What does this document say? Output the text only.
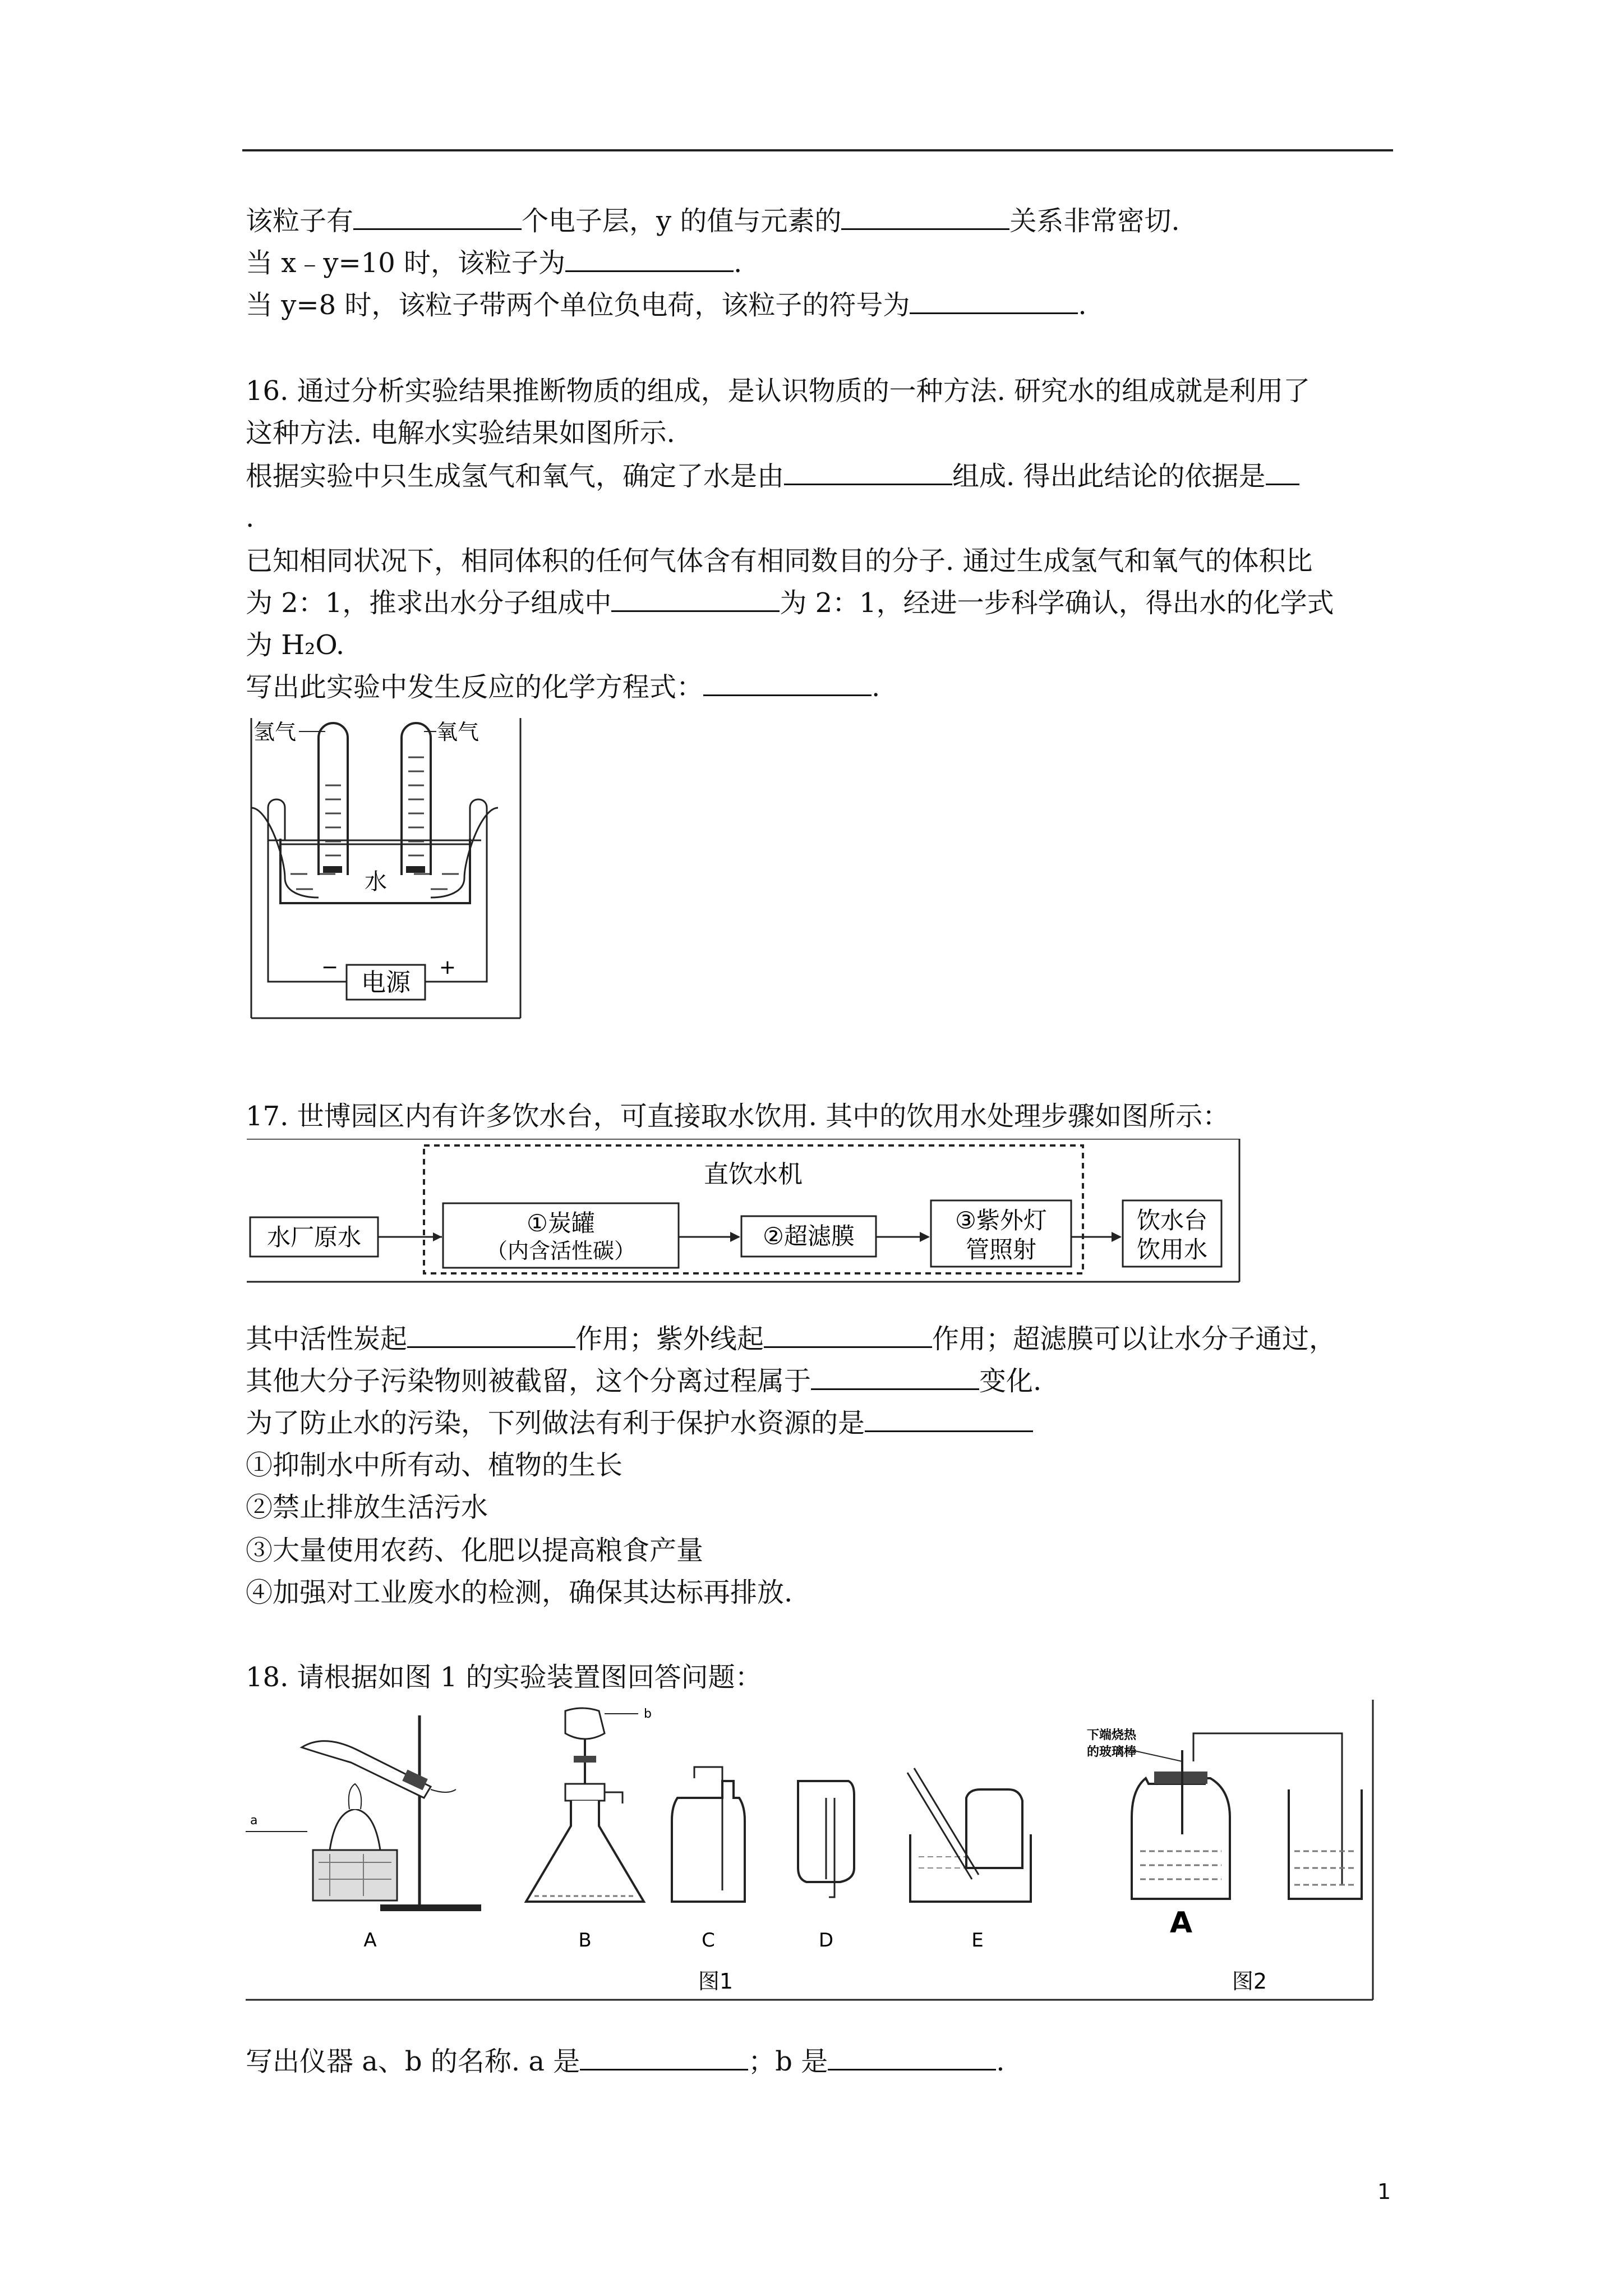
该粒子有	个电子层，y 的值与元素的	关系非常密切.
当 x﹣y=10 时，该粒子为	.
当 y=8 时，该粒子带两个单位负电荷，该粒子的符号为	.
16. 通过分析实验结果推断物质的组成，是认识物质的一种方法. 研究水的组成就是利用了
这种方法. 电解水实验结果如图所示.
根据实验中只生成氢气和氧气，确定了水是由	组成. 得出此结论的依据是
.
已知相同状况下，相同体积的任何气体含有相同数目的分子. 通过生成氢气和氧气的体积比
为 2：1，推求出水分子组成中	为 2：1，经进一步科学确认，得出水的化学式
为 H₂O.
写出此实验中发生反应的化学方程式：	.
电源
−	+
水
氢气	氧气
17. 世博园区内有许多饮水台，可直接取水饮用. 其中的饮用水处理步骤如图所示：
直饮水机
水厂原水
①炭罐
（内含活性碳）
②超滤膜
③紫外灯
管照射
饮水台
饮用水
其中活性炭起	作用；紫外线起	作用；超滤膜可以让水分子通过，
其他大分子污染物则被截留，这个分离过程属于	变化.
为了防止水的污染，下列做法有利于保护水资源的是
①抑制水中所有动、植物的生长
②禁止排放生活污水
③大量使用农药、化肥以提高粮食产量
④加强对工业废水的检测，确保其达标再排放.
18. 请根据如图 1 的实验装置图回答问题：
a
A
b
B	C	D	E
图1
下端烧热
的玻璃棒
A
图2
写出仪器 a、b 的名称. a 是	；b 是	.
1
